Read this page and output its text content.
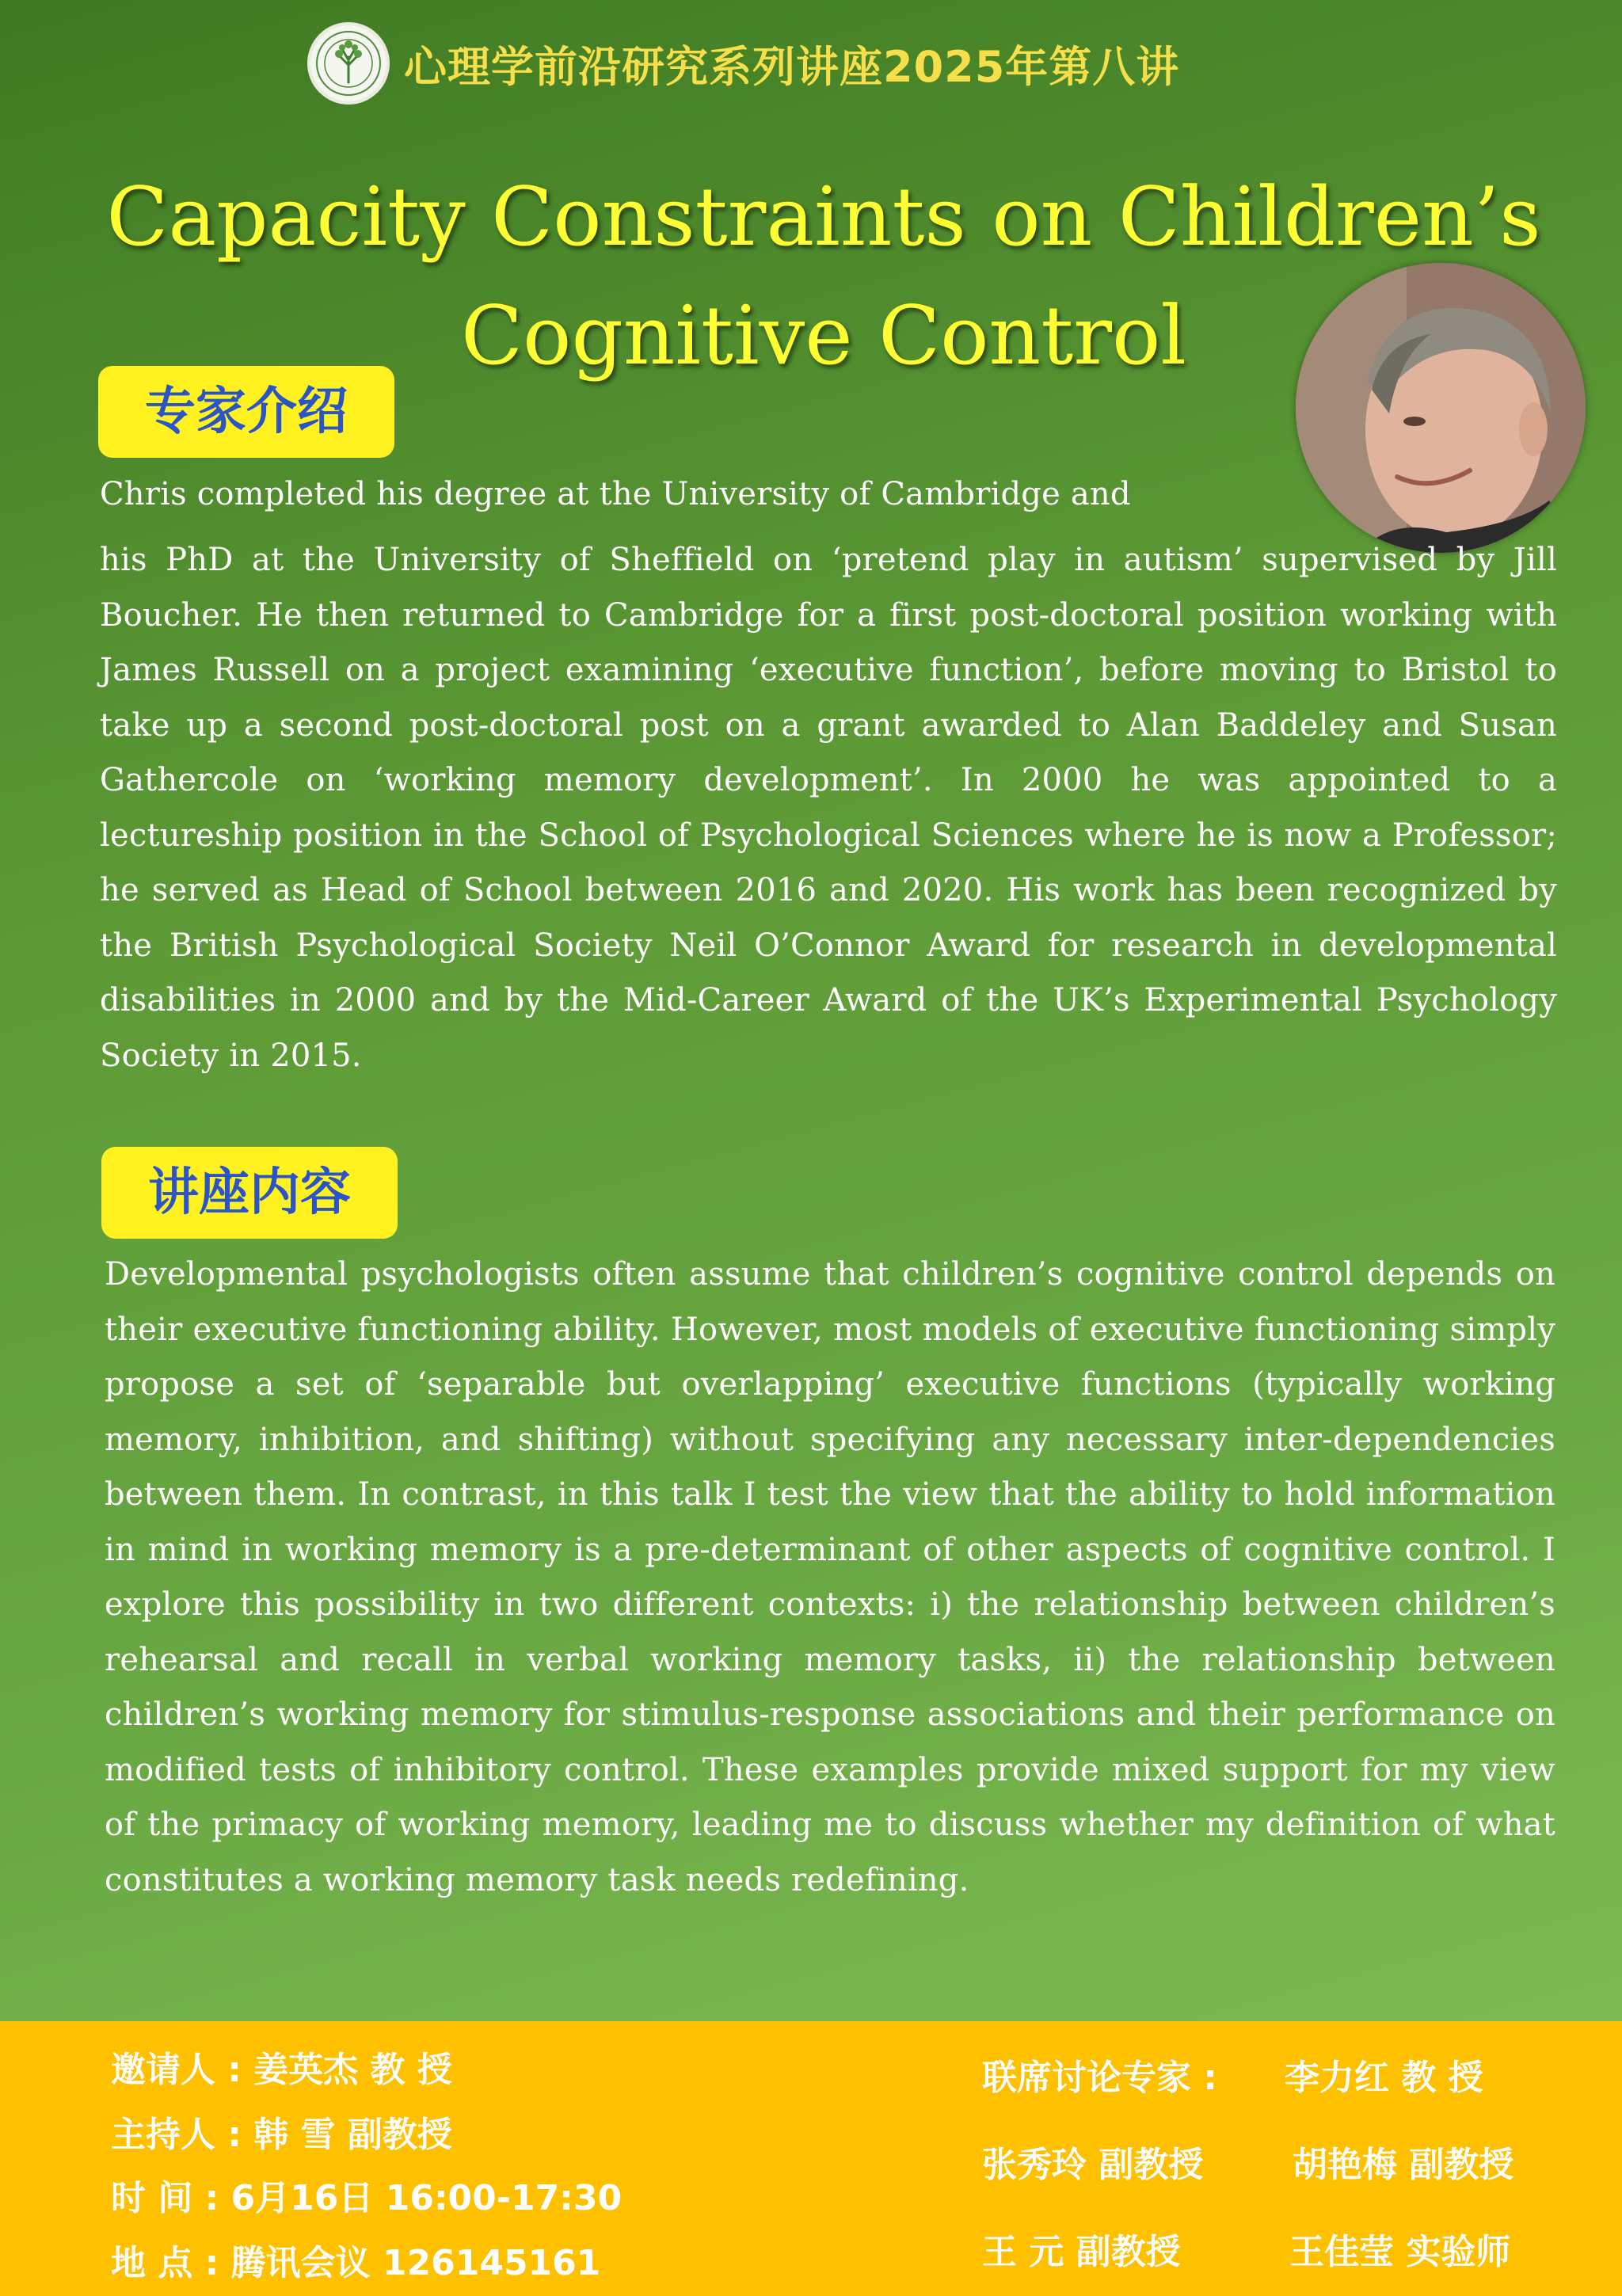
心理学前沿研究系列讲座2025年第八讲
Capacity Constraints on Children’s
Cognitive Control
专家介绍
Chris completed his degree at the University of Cambridge and
his PhD at the University of Sheffield on ‘pretend play in autism’ supervised by Jill Boucher. He then returned to Cambridge for a first post-doctoral position working with James Russell on a project examining ‘executive function’, before moving to Bristol to take up a second post-doctoral post on a grant awarded to Alan Baddeley and Susan Gathercole on ‘working memory development’. In 2000 he was appointed to a lectureship position in the School of Psychological Sciences where he is now a Professor; he served as Head of School between 2016 and 2020. His work has been recognized by the British Psychological Society Neil O’Connor Award for research in developmental disabilities in 2000 and by the Mid-Career Award of the UK’s Experimental Psychology Society in 2015.
讲座内容
Developmental psychologists often assume that children’s cognitive control depends on their executive functioning ability. However, most models of executive functioning simply propose a set of ‘separable but overlapping’ executive functions (typically working memory, inhibition, and shifting) without specifying any necessary inter-dependencies between them. In contrast, in this talk I test the view that the ability to hold information in mind in working memory is a pre-determinant of other aspects of cognitive control. I explore this possibility in two different contexts: i) the relationship between children’s rehearsal and recall in verbal working memory tasks, ii) the relationship between children’s working memory for stimulus-response associations and their performance on modified tests of inhibitory control. These examples provide mixed support for my view of the primacy of working memory, leading me to discuss whether my definition of what constitutes a working memory task needs redefining.
邀请人 : 姜英杰 教 授
主持人 : 韩 雪 副教授
时 间 : 6月16日 16:00-17:30
地 点 : 腾讯会议 126145161
联席讨论专家 : 李力红 教 授
张秀玲 副教授	胡艳梅 副教授
王 元 副教授	王佳莹 实验师
